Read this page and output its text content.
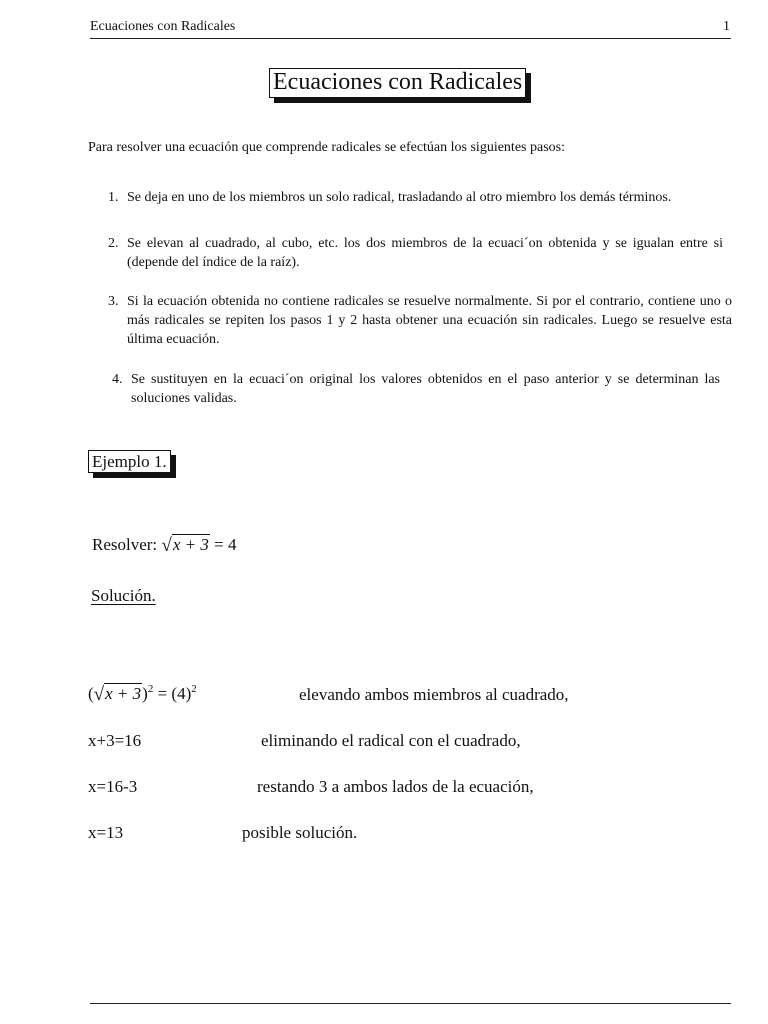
Ecuaciones con Radicales	1
Ecuaciones con Radicales
Para resolver una ecuación que comprende radicales se efectúan los siguientes pasos:
1. Se deja en uno de los miembros un solo radical, trasladando al otro miembro los demás términos.
2. Se elevan al cuadrado, al cubo, etc. los dos miembros de la ecuaci´on obtenida y se igualan entre si (depende del índice de la raíz).
3. Si la ecuación obtenida no contiene radicales se resuelve normalmente. Si por el contrario, contiene uno o más radicales se repiten los pasos 1 y 2 hasta obtener una ecuación sin radicales. Luego se resuelve esta última ecuación.
4. Se sustituyen en la ecuaci´on original los valores obtenidos en el paso anterior y se determinan las soluciones validas.
Ejemplo 1.
Resolver: √x + 3 = 4
Solución.
$(√x + 3)^2 = (4)^2$	elevando ambos miembros al cuadrado,
x+3=16	eliminando el radical con el cuadrado,
x=16-3	restando 3 a ambos lados de la ecuación,
x=13	posible solución.
